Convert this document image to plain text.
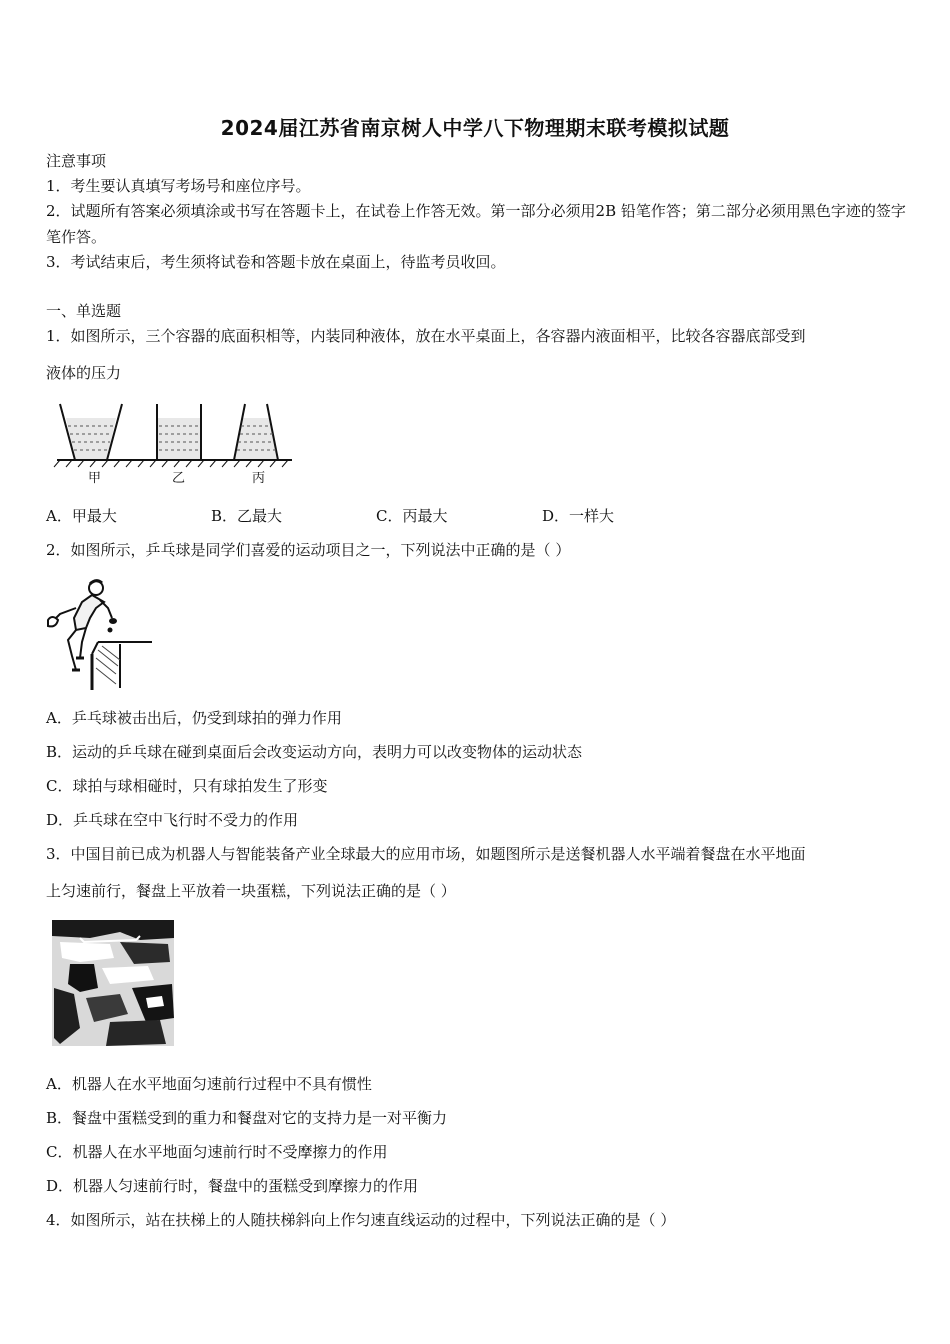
2024届江苏省南京树人中学八下物理期末联考模拟试题
注意事项
1．考生要认真填写考场号和座位序号。
2．试题所有答案必须填涂或书写在答题卡上，在试卷上作答无效。第一部分必须用2B 铅笔作答；第二部分必须用黑色字迹的签字笔作答。
3．考试结束后，考生须将试卷和答题卡放在桌面上，待监考员收回。
一、单选题
1．如图所示，三个容器的底面积相等，内装同种液体，放在水平桌面上，各容器内液面相平，比较各容器底部受到
液体的压力
甲	乙	丙
A．甲最大	B．乙最大	C．丙最大	D．一样大
2．如图所示，乒乓球是同学们喜爱的运动项目之一，下列说法中正确的是（ ）
A．乒乓球被击出后，仍受到球拍的弹力作用
B．运动的乒乓球在碰到桌面后会改变运动方向，表明力可以改变物体的运动状态
C．球拍与球相碰时，只有球拍发生了形变
D．乒乓球在空中飞行时不受力的作用
3．中国目前已成为机器人与智能装备产业全球最大的应用市场，如题图所示是送餐机器人水平端着餐盘在水平地面
上匀速前行，餐盘上平放着一块蛋糕，下列说法正确的是（ ）
A．机器人在水平地面匀速前行过程中不具有惯性
B．餐盘中蛋糕受到的重力和餐盘对它的支持力是一对平衡力
C．机器人在水平地面匀速前行时不受摩擦力的作用
D．机器人匀速前行时，餐盘中的蛋糕受到摩擦力的作用
4．如图所示，站在扶梯上的人随扶梯斜向上作匀速直线运动的过程中，下列说法正确的是（ ）
